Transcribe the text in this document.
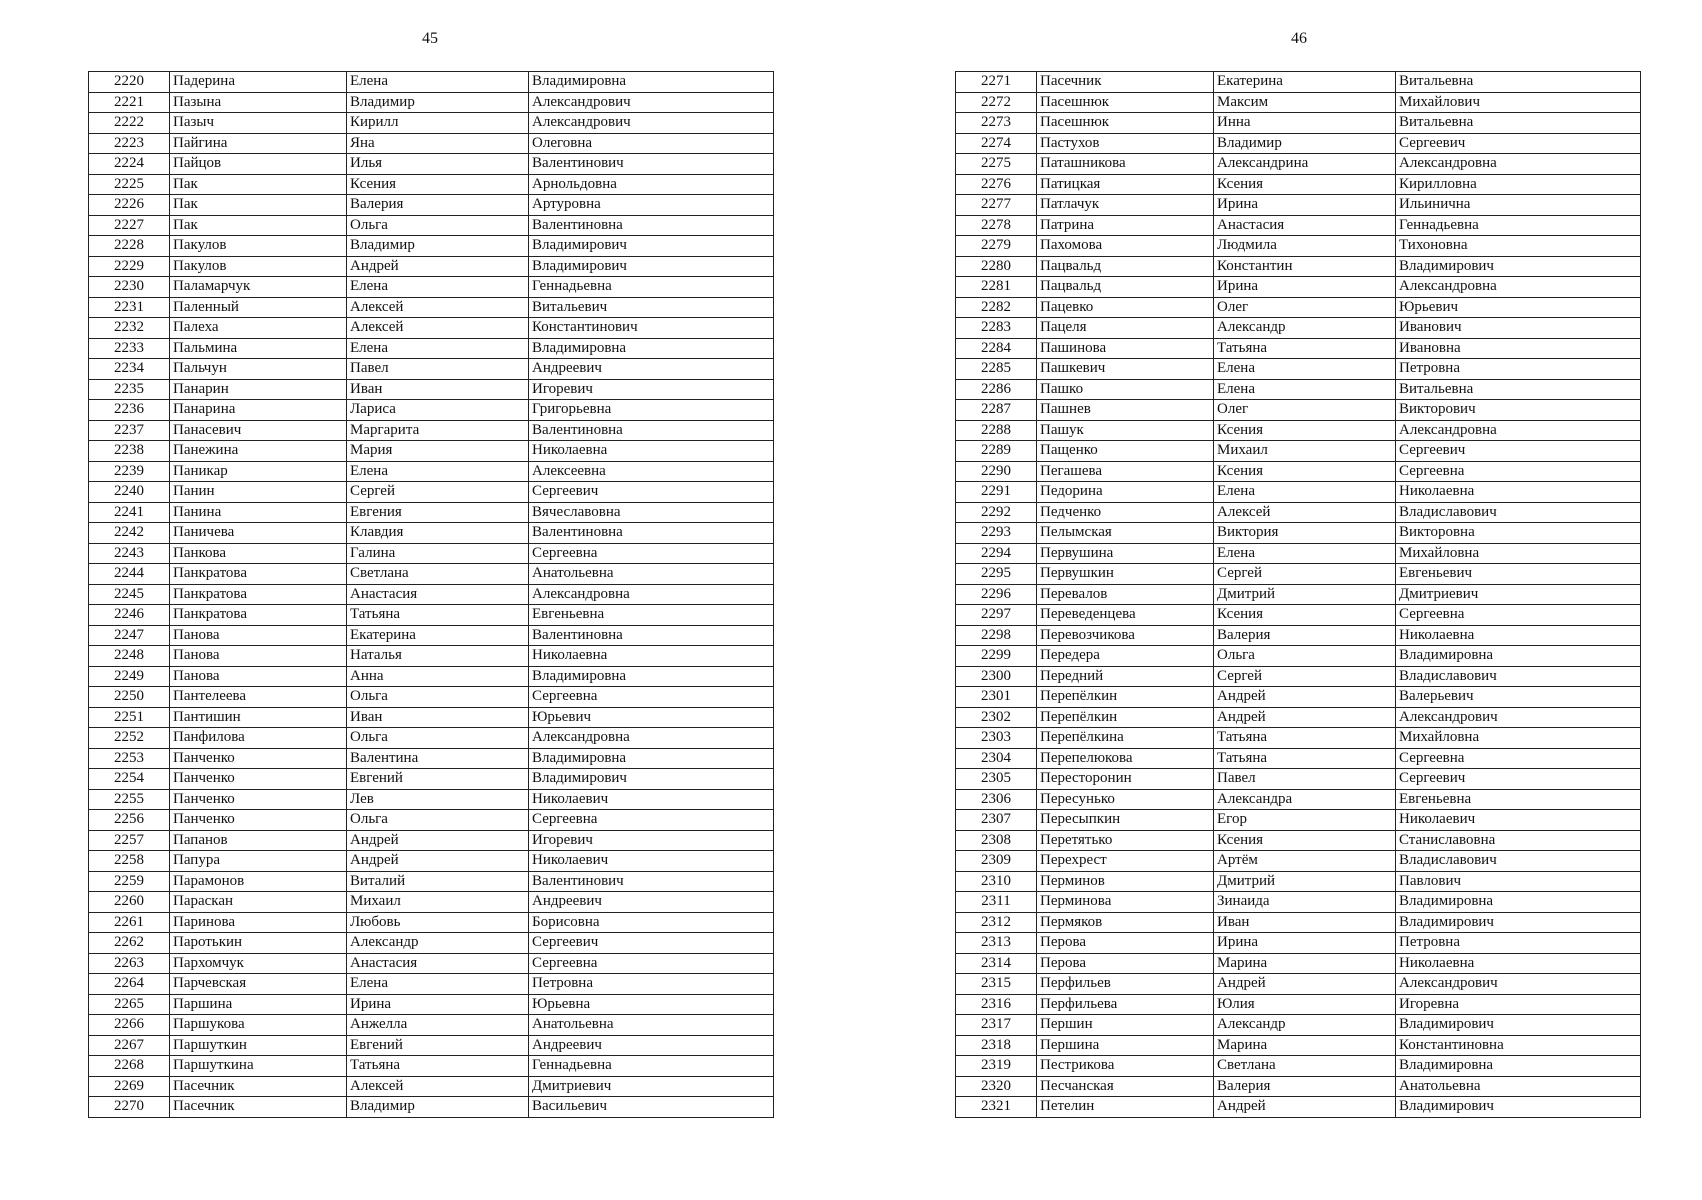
45
2220	Падерина	Елена	Владимировна
2221	Пазына	Владимир	Александрович
2222	Пазыч	Кирилл	Александрович
2223	Пайгина	Яна	Олеговна
2224	Пайцов	Илья	Валентинович
2225	Пак	Ксения	Арнольдовна
2226	Пак	Валерия	Артуровна
2227	Пак	Ольга	Валентиновна
2228	Пакулов	Владимир	Владимирович
2229	Пакулов	Андрей	Владимирович
2230	Паламарчук	Елена	Геннадьевна
2231	Паленный	Алексей	Витальевич
2232	Палеха	Алексей	Константинович
2233	Пальмина	Елена	Владимировна
2234	Пальчун	Павел	Андреевич
2235	Панарин	Иван	Игоревич
2236	Панарина	Лариса	Григорьевна
2237	Панасевич	Маргарита	Валентиновна
2238	Панежина	Мария	Николаевна
2239	Паникар	Елена	Алексеевна
2240	Панин	Сергей	Сергеевич
2241	Панина	Евгения	Вячеславовна
2242	Паничева	Клавдия	Валентиновна
2243	Панкова	Галина	Сергеевна
2244	Панкратова	Светлана	Анатольевна
2245	Панкратова	Анастасия	Александровна
2246	Панкратова	Татьяна	Евгеньевна
2247	Панова	Екатерина	Валентиновна
2248	Панова	Наталья	Николаевна
2249	Панова	Анна	Владимировна
2250	Пантелеева	Ольга	Сергеевна
2251	Пантишин	Иван	Юрьевич
2252	Панфилова	Ольга	Александровна
2253	Панченко	Валентина	Владимировна
2254	Панченко	Евгений	Владимирович
2255	Панченко	Лев	Николаевич
2256	Панченко	Ольга	Сергеевна
2257	Папанов	Андрей	Игоревич
2258	Папура	Андрей	Николаевич
2259	Парамонов	Виталий	Валентинович
2260	Параскан	Михаил	Андреевич
2261	Паринова	Любовь	Борисовна
2262	Паротькин	Александр	Сергеевич
2263	Пархомчук	Анастасия	Сергеевна
2264	Парчевская	Елена	Петровна
2265	Паршина	Ирина	Юрьевна
2266	Паршукова	Анжелла	Анатольевна
2267	Паршуткин	Евгений	Андреевич
2268	Паршуткина	Татьяна	Геннадьевна
2269	Пасечник	Алексей	Дмитриевич
2270	Пасечник	Владимир	Васильевич
46
2271	Пасечник	Екатерина	Витальевна
2272	Пасешнюк	Максим	Михайлович
2273	Пасешнюк	Инна	Витальевна
2274	Пастухов	Владимир	Сергеевич
2275	Паташникова	Александрина	Александровна
2276	Патицкая	Ксения	Кирилловна
2277	Патлачук	Ирина	Ильинична
2278	Патрина	Анастасия	Геннадьевна
2279	Пахомова	Людмила	Тихоновна
2280	Пацвальд	Константин	Владимирович
2281	Пацвальд	Ирина	Александровна
2282	Пацевко	Олег	Юрьевич
2283	Пацеля	Александр	Иванович
2284	Пашинова	Татьяна	Ивановна
2285	Пашкевич	Елена	Петровна
2286	Пашко	Елена	Витальевна
2287	Пашнев	Олег	Викторович
2288	Пашук	Ксения	Александровна
2289	Пащенко	Михаил	Сергеевич
2290	Пегашева	Ксения	Сергеевна
2291	Педорина	Елена	Николаевна
2292	Педченко	Алексей	Владиславович
2293	Пелымская	Виктория	Викторовна
2294	Первушина	Елена	Михайловна
2295	Первушкин	Сергей	Евгеньевич
2296	Перевалов	Дмитрий	Дмитриевич
2297	Переведенцева	Ксения	Сергеевна
2298	Перевозчикова	Валерия	Николаевна
2299	Передера	Ольга	Владимировна
2300	Передний	Сергей	Владиславович
2301	Перепёлкин	Андрей	Валерьевич
2302	Перепёлкин	Андрей	Александрович
2303	Перепёлкина	Татьяна	Михайловна
2304	Перепелюкова	Татьяна	Сергеевна
2305	Пересторонин	Павел	Сергеевич
2306	Пересунько	Александра	Евгеньевна
2307	Пересыпкин	Егор	Николаевич
2308	Перетятько	Ксения	Станиславовна
2309	Перехрест	Артём	Владиславович
2310	Перминов	Дмитрий	Павлович
2311	Перминова	Зинаида	Владимировна
2312	Пермяков	Иван	Владимирович
2313	Перова	Ирина	Петровна
2314	Перова	Марина	Николаевна
2315	Перфильев	Андрей	Александрович
2316	Перфильева	Юлия	Игоревна
2317	Першин	Александр	Владимирович
2318	Першина	Марина	Константиновна
2319	Пестрикова	Светлана	Владимировна
2320	Песчанская	Валерия	Анатольевна
2321	Петелин	Андрей	Владимирович
